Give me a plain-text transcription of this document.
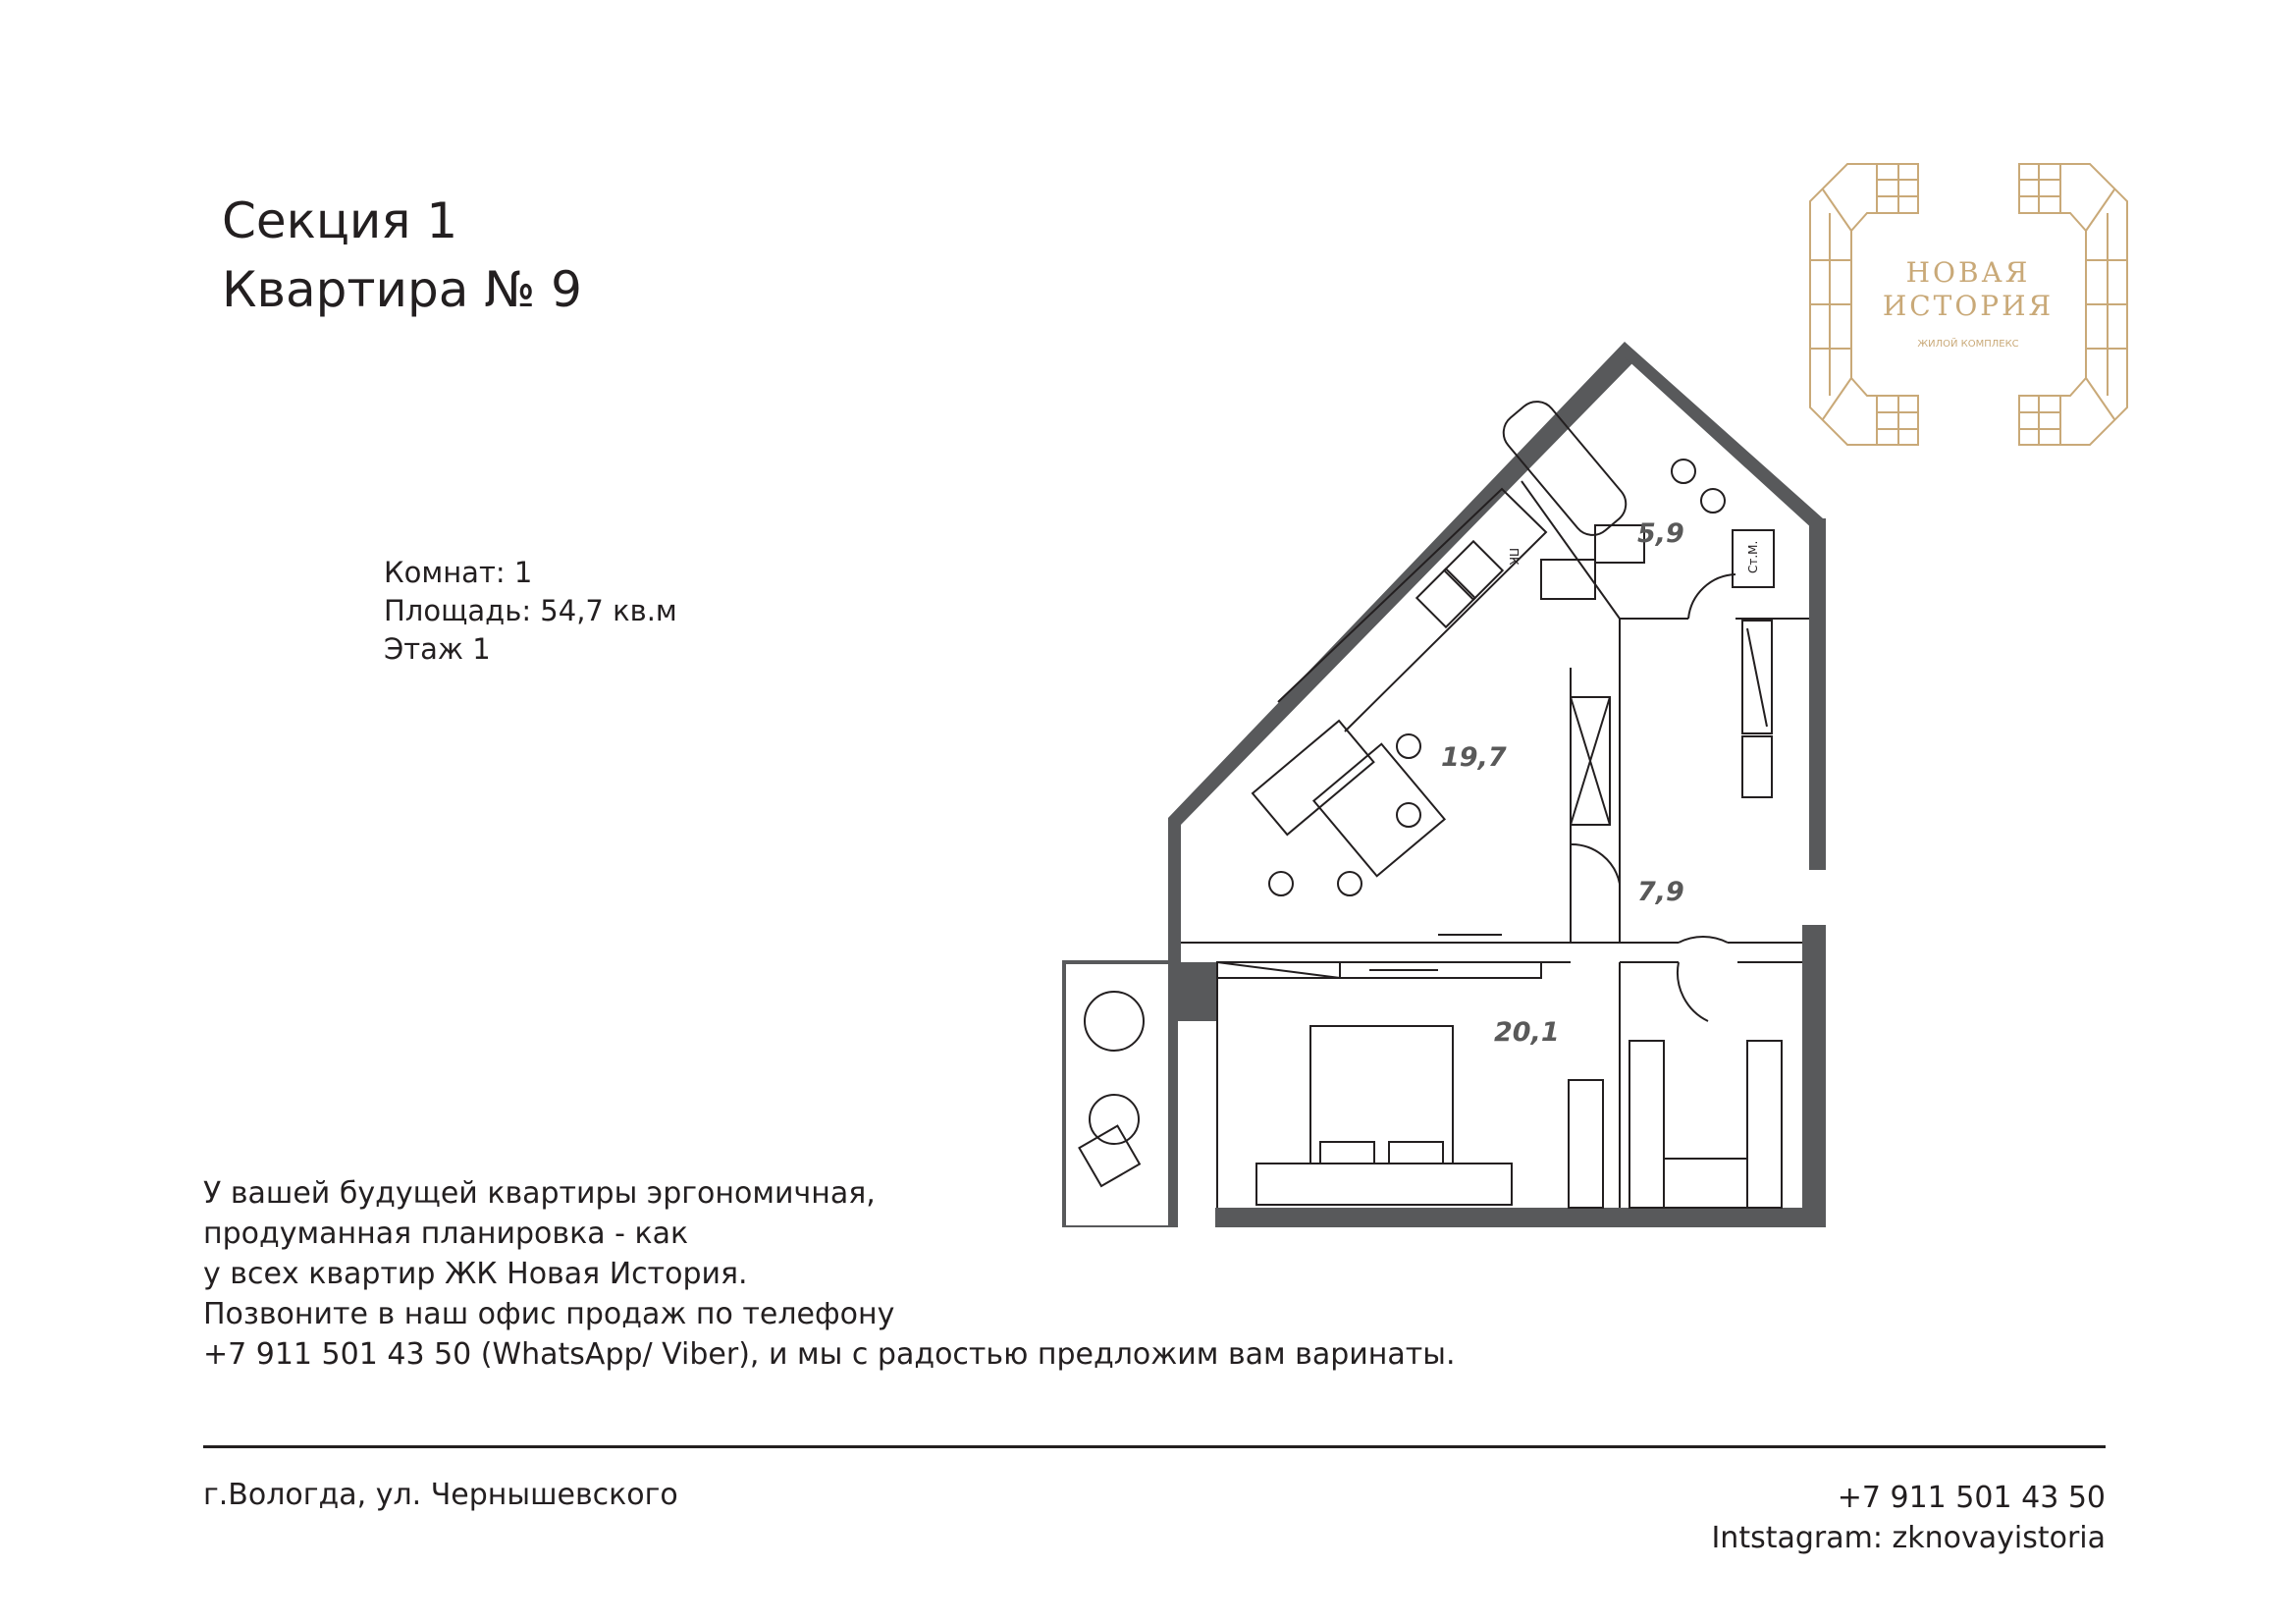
Секция 1
Квартира № 9	НОВАЯ
ИСТОРИЯ
ЖИЛОЙ КОМПЛЕКС
Комнат: 1
Площадь: 54,7 кв.м
Этаж 1
5,9
19,7
7,9
20,1
ПК	Ст.М.
У вашей будущей квартиры эргономичная,
продуманная планировка - как
у всех квартир ЖК Новая История.
Позвоните в наш офис продаж по телефону
+7 911 501 43 50 (WhatsApp/ Viber), и мы с радостью предложим вам варинаты.
г.Вологда, ул. Чернышевского	+7 911 501 43 50
Intstagram: zknovayistoria
